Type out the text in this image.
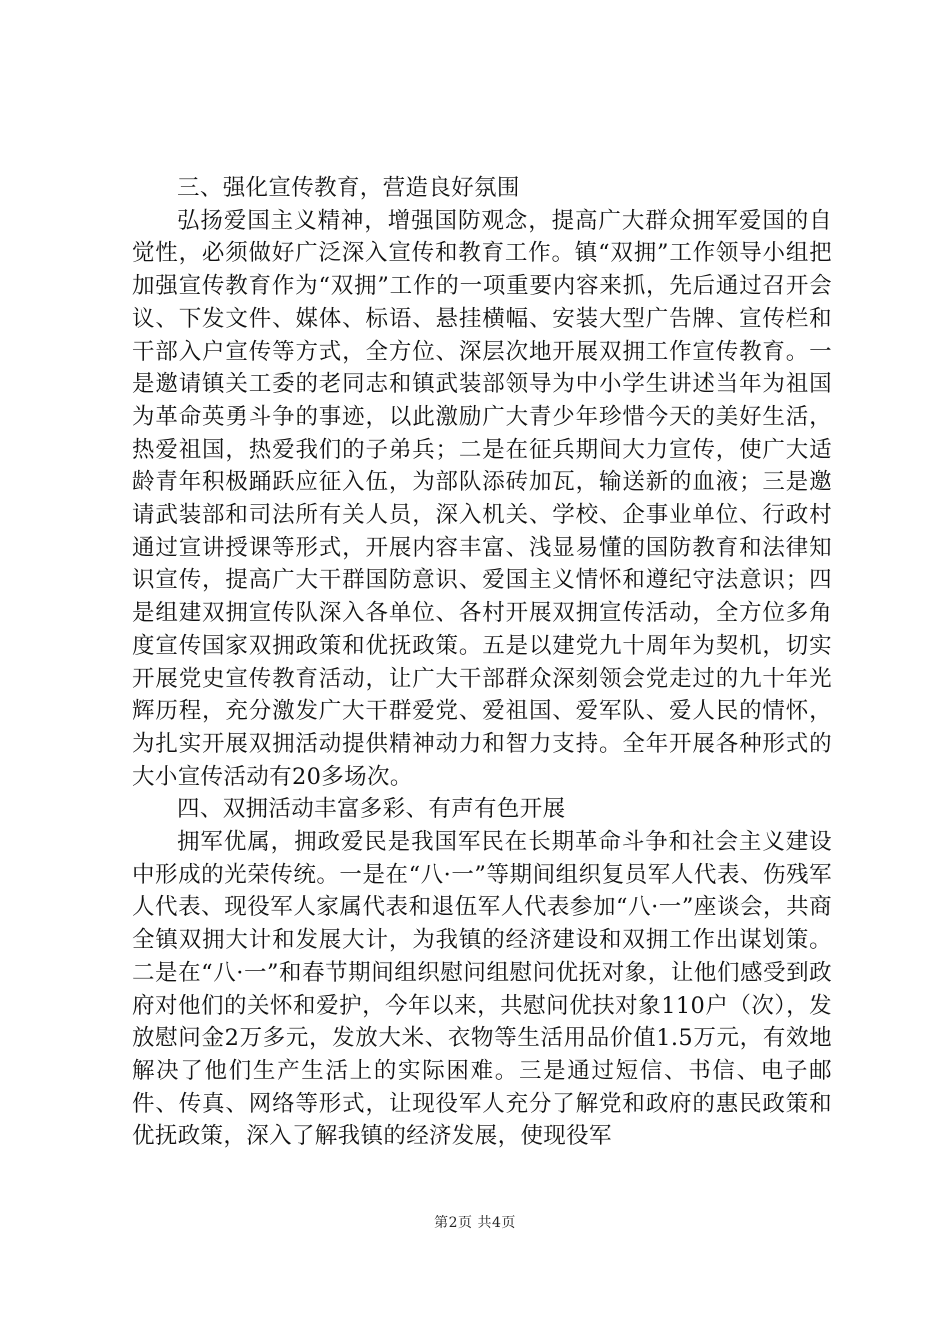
三、强化宣传教育，营造良好氛围

弘扬爱国主义精神，增强国防观念，提高广大群众拥军爱国的自觉性，必须做好广泛深入宣传和教育工作。镇“双拥”工作领导小组把加强宣传教育作为“双拥”工作的一项重要内容来抓，先后通过召开会议、下发文件、媒体、标语、悬挂横幅、安装大型广告牌、宣传栏和干部入户宣传等方式，全方位、深层次地开展双拥工作宣传教育。一是邀请镇关工委的老同志和镇武装部领导为中小学生讲述当年为祖国为革命英勇斗争的事迹，以此激励广大青少年珍惜今天的美好生活，热爱祖国，热爱我们的子弟兵；二是在征兵期间大力宣传，使广大适龄青年积极踊跃应征入伍，为部队添砖加瓦，输送新的血液；三是邀请武装部和司法所有关人员，深入机关、学校、企事业单位、行政村通过宣讲授课等形式，开展内容丰富、浅显易懂的国防教育和法律知识宣传，提高广大干群国防意识、爱国主义情怀和遵纪守法意识；四是组建双拥宣传队深入各单位、各村开展双拥宣传活动，全方位多角度宣传国家双拥政策和优抚政策。五是以建党九十周年为契机，切实开展党史宣传教育活动，让广大干部群众深刻领会党走过的九十年光辉历程，充分激发广大干群爱党、爱祖国、爱军队、爱人民的情怀，为扎实开展双拥活动提供精神动力和智力支持。全年开展各种形式的大小宣传活动有20多场次。

四、双拥活动丰富多彩、有声有色开展

拥军优属，拥政爱民是我国军民在长期革命斗争和社会主义建设中形成的光荣传统。一是在“八·一”等期间组织复员军人代表、伤残军人代表、现役军人家属代表和退伍军人代表参加“八·一”座谈会，共商全镇双拥大计和发展大计，为我镇的经济建设和双拥工作出谋划策。二是在“八·一”和春节期间组织慰问组慰问优抚对象，让他们感受到政府对他们的关怀和爱护，今年以来，共慰问优扶对象110户（次），发放慰问金2万多元，发放大米、衣物等生活用品价值1.5万元，有效地解决了他们生产生活上的实际困难。三是通过短信、书信、电子邮件、传真、网络等形式，让现役军人充分了解党和政府的惠民政策和优抚政策，深入了解我镇的经济发展，使现役军

第2页 共4页
